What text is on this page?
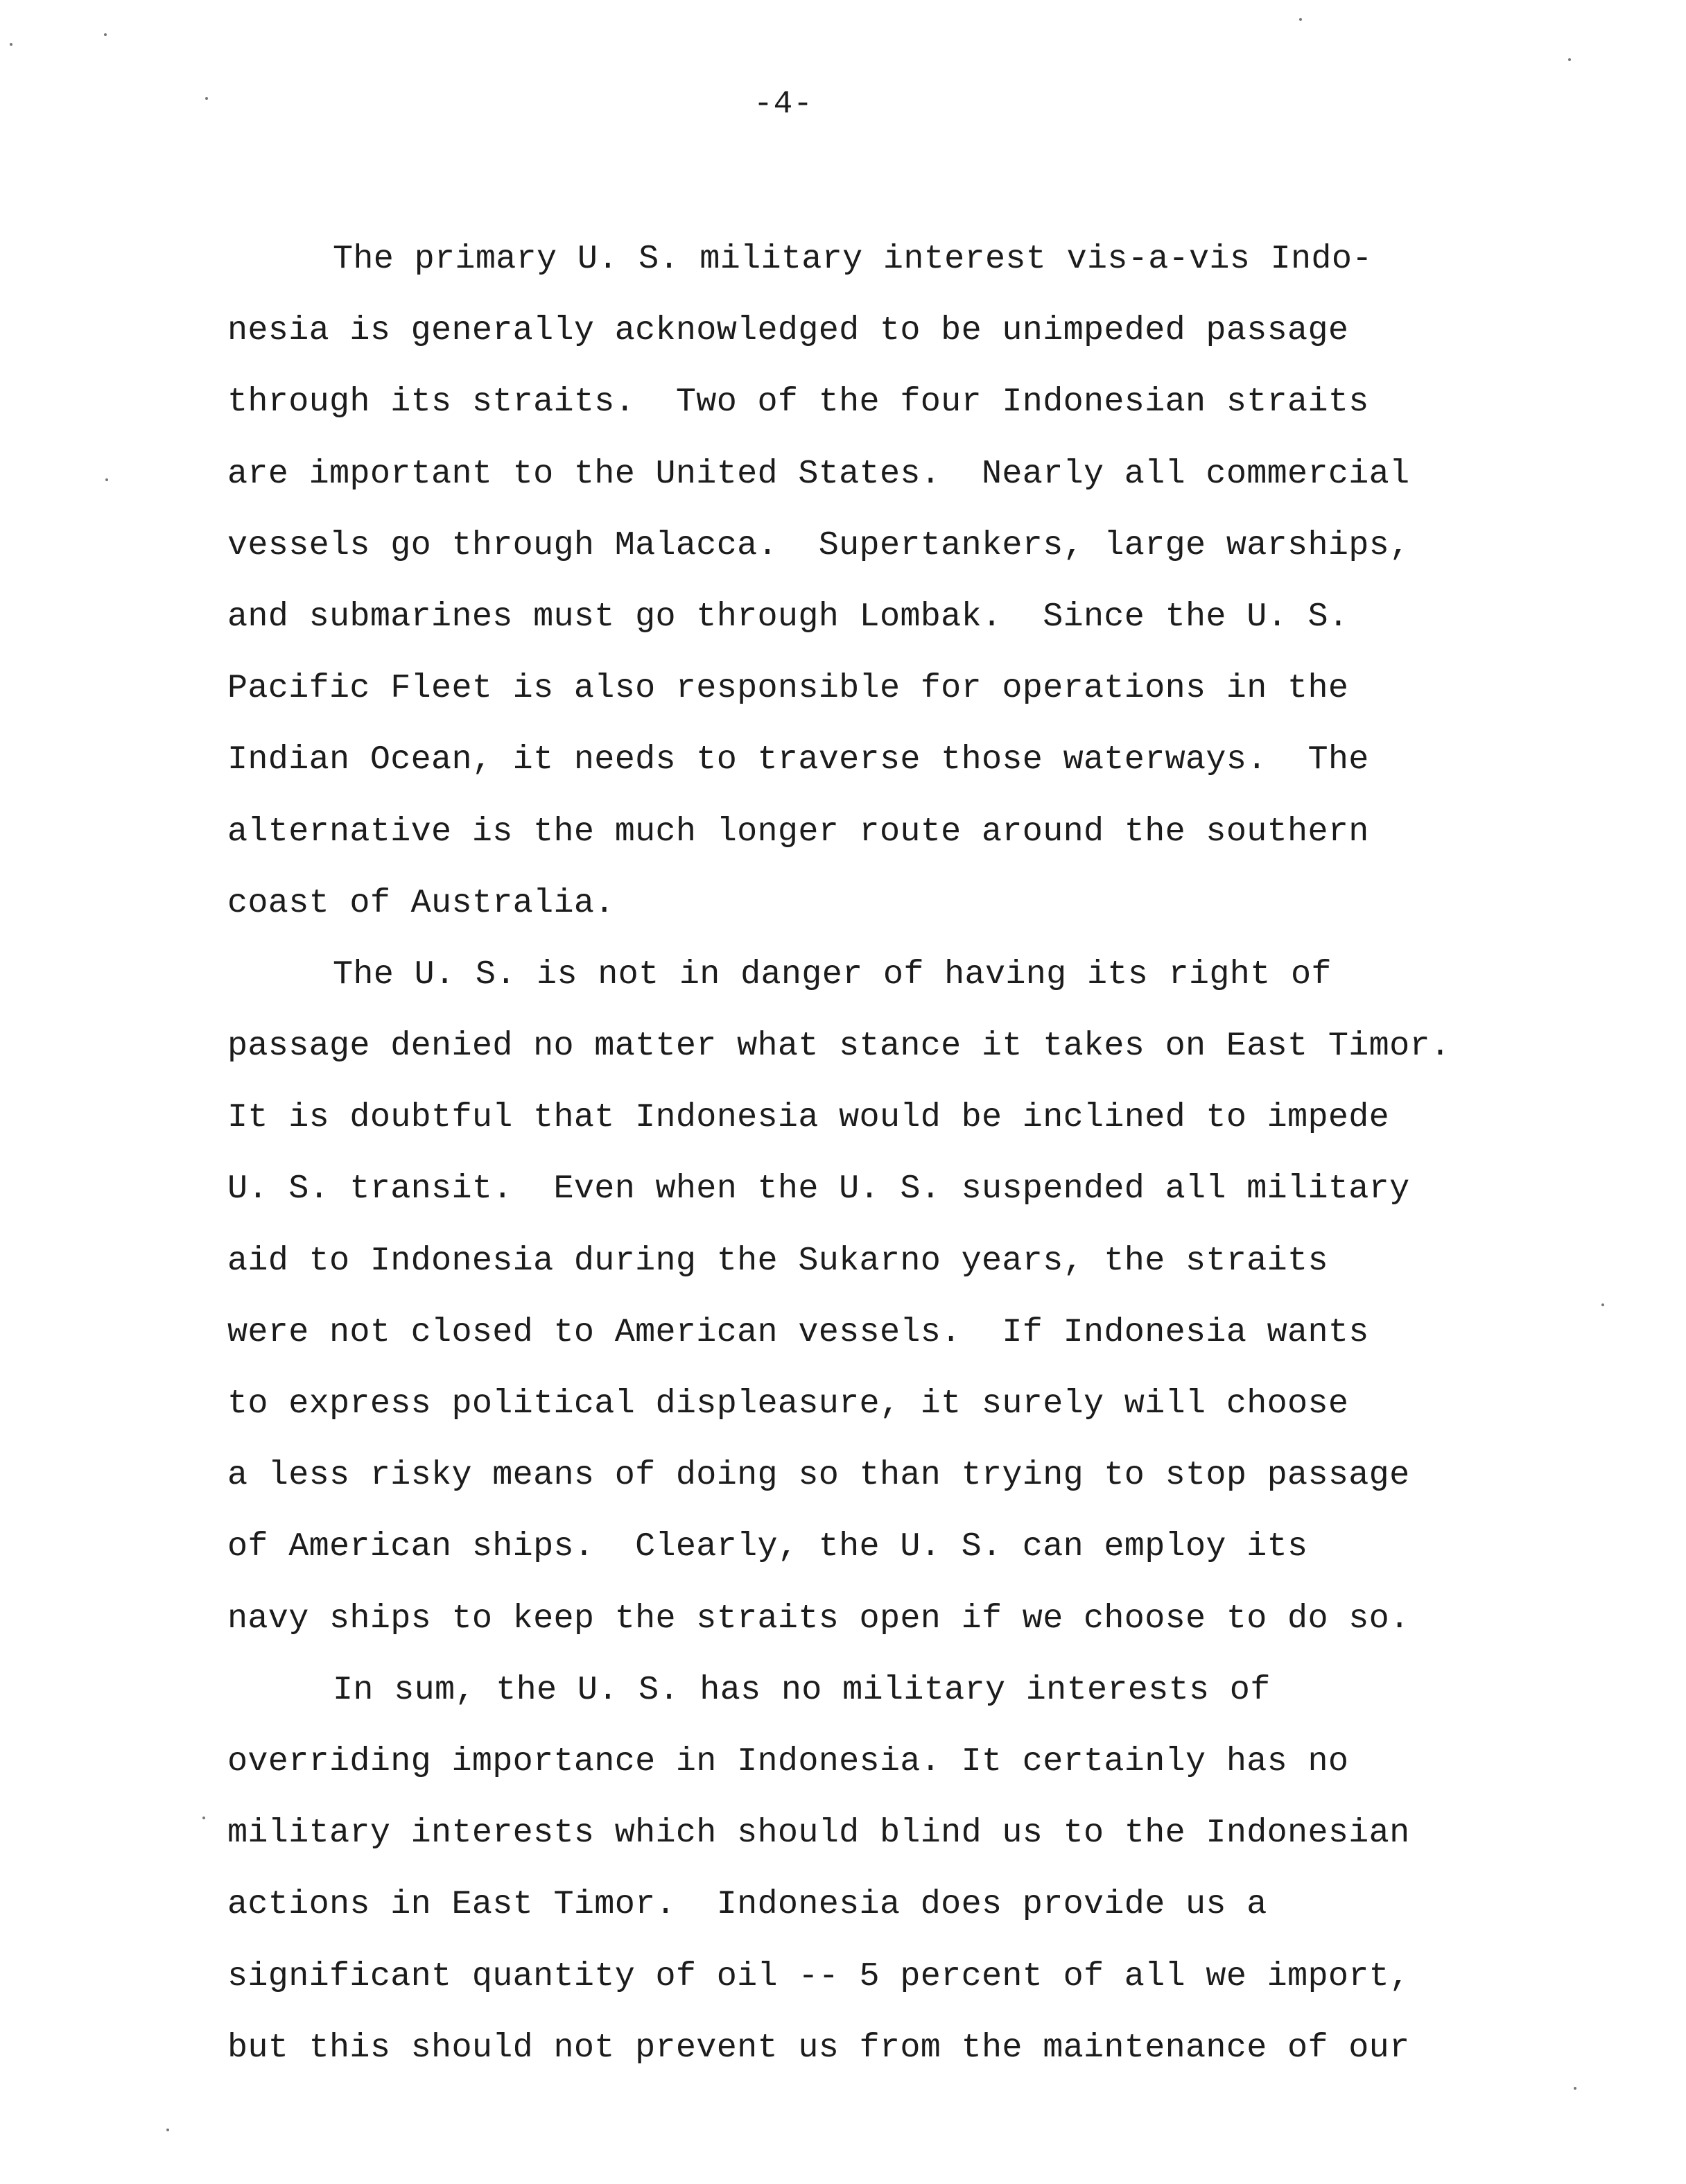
-4-
The primary U. S. military interest vis-a-vis Indo-
nesia is generally acknowledged to be unimpeded passage
through its straits.  Two of the four Indonesian straits
are important to the United States.  Nearly all commercial
vessels go through Malacca.  Supertankers, large warships,
and submarines must go through Lombak.  Since the U. S.
Pacific Fleet is also responsible for operations in the
Indian Ocean, it needs to traverse those waterways.  The
alternative is the much longer route around the southern
coast of Australia.
The U. S. is not in danger of having its right of
passage denied no matter what stance it takes on East Timor.
It is doubtful that Indonesia would be inclined to impede
U. S. transit.  Even when the U. S. suspended all military
aid to Indonesia during the Sukarno years, the straits
were not closed to American vessels.  If Indonesia wants
to express political displeasure, it surely will choose
a less risky means of doing so than trying to stop passage
of American ships.  Clearly, the U. S. can employ its
navy ships to keep the straits open if we choose to do so.
In sum, the U. S. has no military interests of
overriding importance in Indonesia. It certainly has no
military interests which should blind us to the Indonesian
actions in East Timor.  Indonesia does provide us a
significant quantity of oil -- 5 percent of all we import,
but this should not prevent us from the maintenance of our
